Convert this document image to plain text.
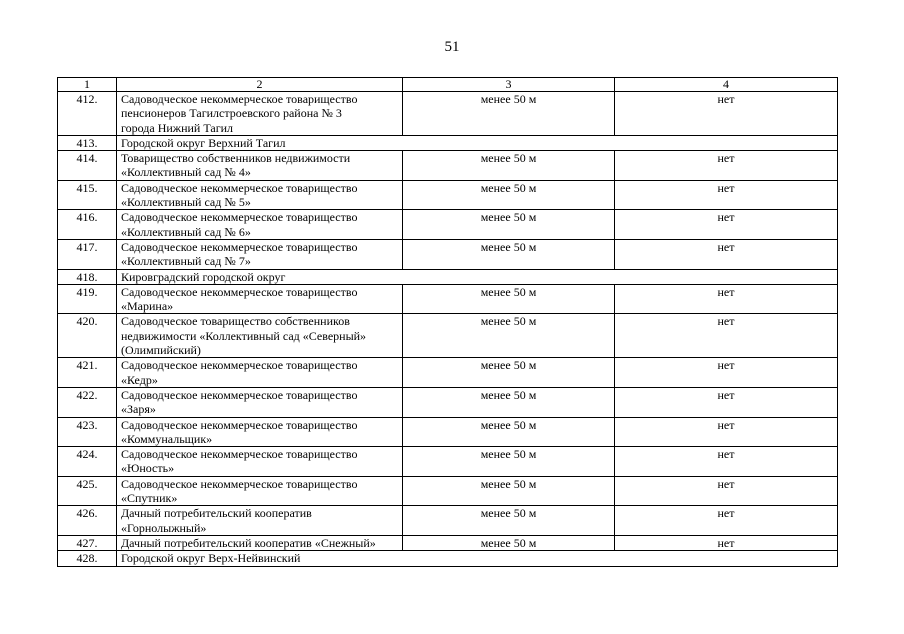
51
1	2	3	4
412.	Садоводческое некоммерческое товарищество
пенсионеров Тагилстроевского района № 3
города Нижний Тагил	менее 50 м	нет
413.	Городской округ Верхний Тагил		

414.	Товарищество собственников недвижимости
«Коллективный сад № 4»	менее 50 м	нет
415.	Садоводческое некоммерческое товарищество
«Коллективный сад № 5»	менее 50 м	нет
416.	Садоводческое некоммерческое товарищество
«Коллективный сад № 6»	менее 50 м	нет
417.	Садоводческое некоммерческое товарищество
«Коллективный сад № 7»	менее 50 м	нет
418.	Кировградский городской округ		

419.	Садоводческое некоммерческое товарищество
«Марина»	менее 50 м	нет
420.	Садоводческое товарищество собственников
недвижимости «Коллективный сад «Северный»
(Олимпийский)	менее 50 м	нет
421.	Садоводческое некоммерческое товарищество
«Кедр»	менее 50 м	нет
422.	Садоводческое некоммерческое товарищество
«Заря»	менее 50 м	нет
423.	Садоводческое некоммерческое товарищество
«Коммунальщик»	менее 50 м	нет
424.	Садоводческое некоммерческое товарищество
«Юность»	менее 50 м	нет
425.	Садоводческое некоммерческое товарищество
«Спутник»	менее 50 м	нет
426.	Дачный потребительский кооператив
«Горнолыжный»	менее 50 м	нет
427.	Дачный потребительский кооператив «Снежный»	менее 50 м	нет
428.	Городской округ Верх-Нейвинский		
